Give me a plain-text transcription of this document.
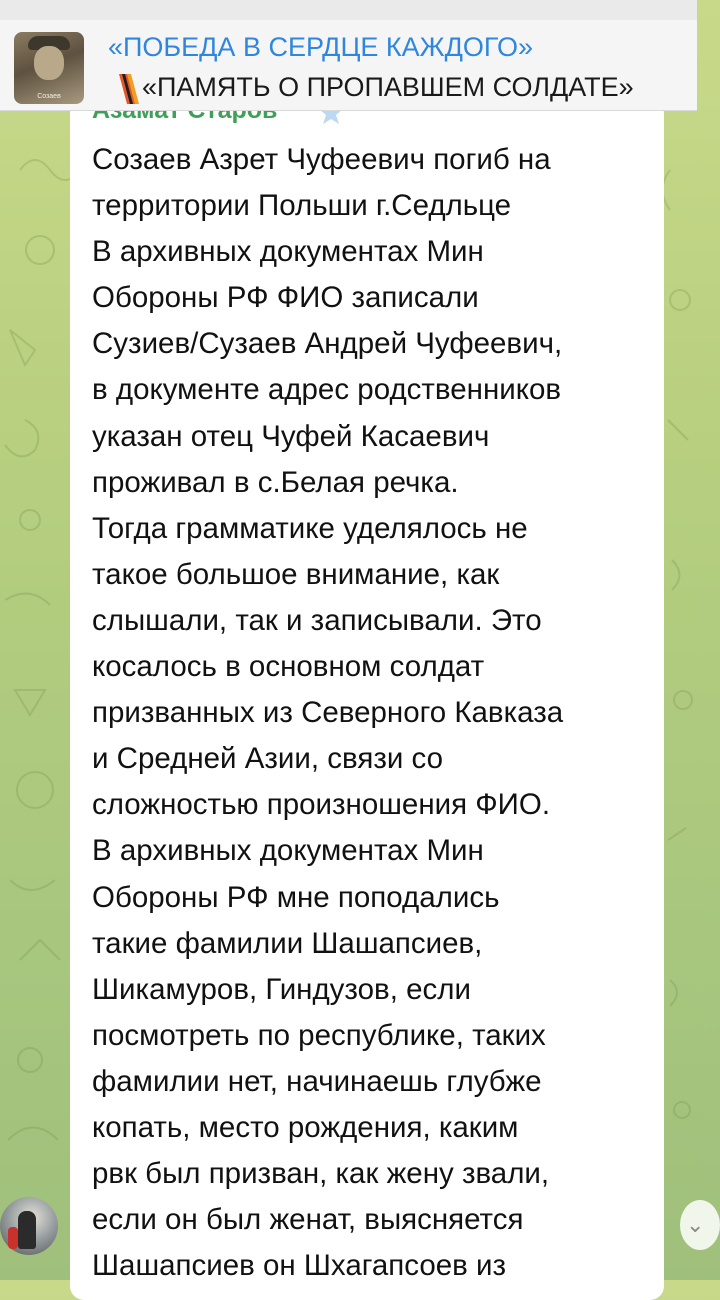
Созаев
«ПОБЕДА В СЕРДЦЕ КАЖДОГО»
«ПАМЯТЬ О ПРОПАВШЕМ СОЛДАТЕ»
Созаев Азрет Чуфеевич погиб на
территории Польши г.Седльце
В архивных документах Мин
Обороны РФ ФИО записали
Сузиев/Сузаев Андрей Чуфеевич,
в документе адрес родственников
указан отец Чуфей Касаевич
проживал в с.Белая речка.
Тогда грамматике уделялось не
такое большое внимание, как
слышали, так и записывали. Это
косалось в основном солдат
призванных из Северного Кавказа
и Средней Азии, связи со
сложностью произношения ФИО.
В архивных документах Мин
Обороны РФ мне поподались
такие фамилии Шашапсиев,
Шикамуров, Гиндузов, если
посмотреть по республике, таких
фамилии нет, начинаешь глубже
копать, место рождения, каким
рвк был призван, как жену звали,
если он был женат, выясняется
Шашапсиев он Шхагапсоев из
⌄
